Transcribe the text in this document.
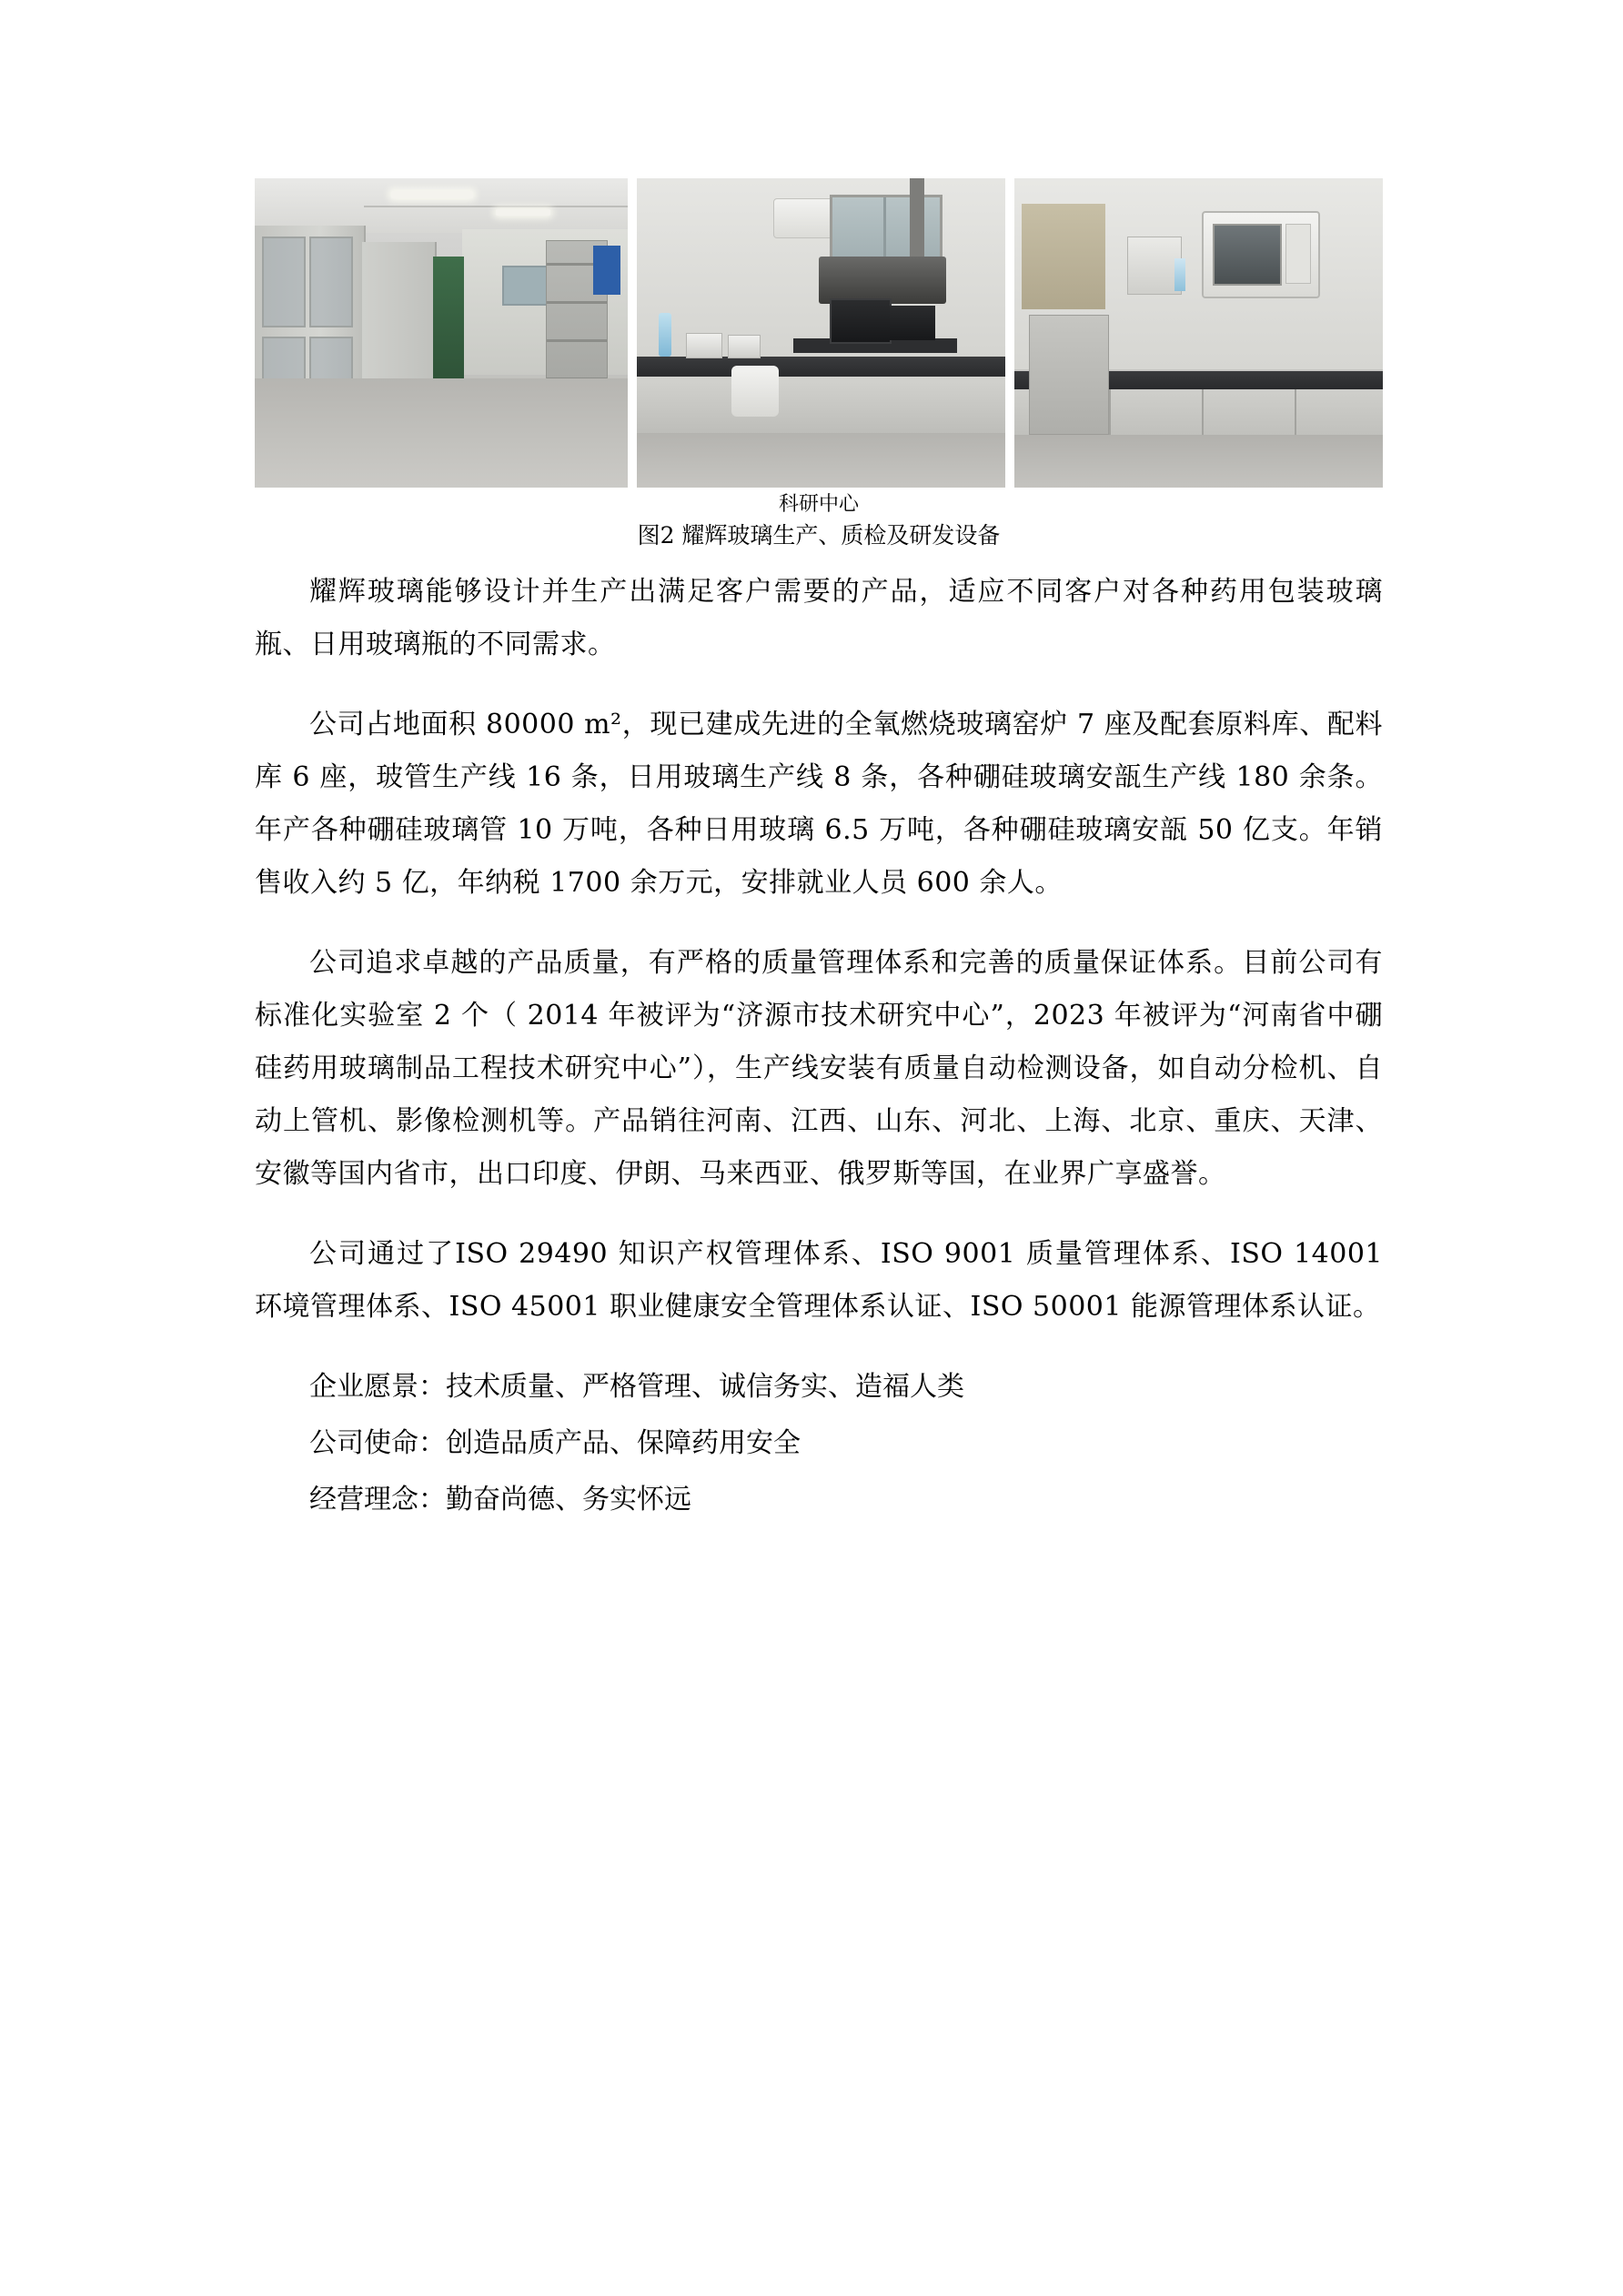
科研中心
图2 耀辉玻璃生产、质检及研发设备

耀辉玻璃能够设计并生产出满足客户需要的产品，适应不同客户对各种药用包装玻璃瓶、日用玻璃瓶的不同需求。

公司占地面积 80000 m²，现已建成先进的全氧燃烧玻璃窑炉 7 座及配套原料库、配料库 6 座，玻管生产线 16 条，日用玻璃生产线 8 条，各种硼硅玻璃安瓿生产线 180 余条。年产各种硼硅玻璃管 10 万吨，各种日用玻璃 6.5 万吨，各种硼硅玻璃安瓿 50 亿支。年销售收入约 5 亿，年纳税 1700 余万元，安排就业人员 600 余人。

公司追求卓越的产品质量，有严格的质量管理体系和完善的质量保证体系。目前公司有标准化实验室 2 个（ 2014 年被评为“济源市技术研究中心”，2023 年被评为“河南省中硼硅药用玻璃制品工程技术研究中心”），生产线安装有质量自动检测设备，如自动分检机、自动上管机、影像检测机等。产品销往河南、江西、山东、河北、上海、北京、重庆、天津、安徽等国内省市，出口印度、伊朗、马来西亚、俄罗斯等国，在业界广享盛誉。

公司通过了ISO 29490 知识产权管理体系、ISO 9001 质量管理体系、ISO 14001 环境管理体系、ISO 45001 职业健康安全管理体系认证、ISO 50001 能源管理体系认证。

企业愿景：技术质量、严格管理、诚信务实、造福人类
公司使命：创造品质产品、保障药用安全
经营理念：勤奋尚德、务实怀远
